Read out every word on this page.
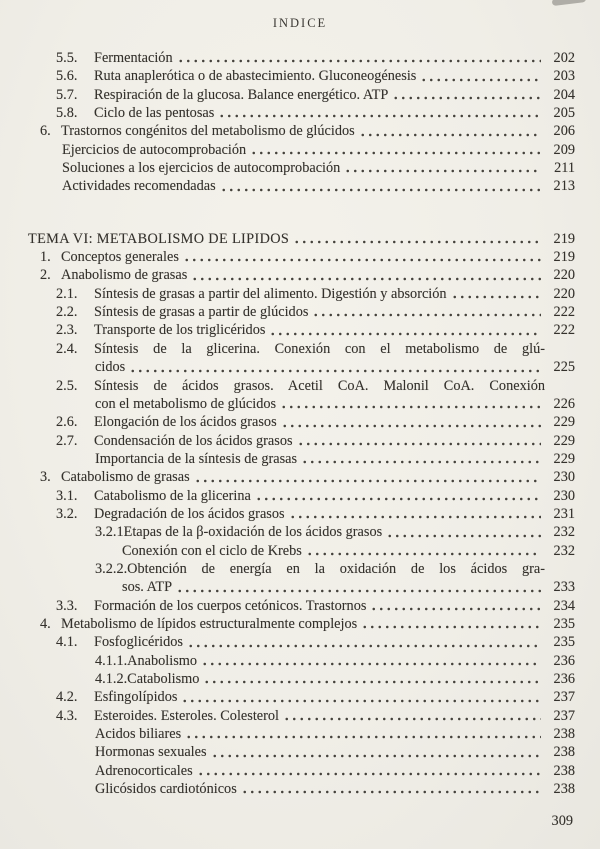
INDICE
5.5.	Fermentación	202
5.6.	Ruta anaplerótica o de abastecimiento. Gluconeogénesis	203
5.7.	Respiración de la glucosa. Balance energético. ATP	204
5.8.	Ciclo de las pentosas	205
6. Trastornos congénitos del metabolismo de glúcidos	206
Ejercicios de autocomprobación	209
Soluciones a los ejercicios de autocomprobación	211
Actividades recomendadas	213
TEMA VI: METABOLISMO DE LIPIDOS	219
1. Conceptos generales	219
2. Anabolismo de grasas	220
2.1.	Síntesis de grasas a partir del alimento. Digestión y absorción	220
2.2.	Síntesis de grasas a partir de glúcidos	222
2.3.	Transporte de los triglicéridos	222
2.4.	Síntesis de la glicerina. Conexión con el metabolismo de glú-
cidos	225
2.5.	Síntesis de ácidos grasos. Acetil CoA. Malonil CoA. Conexión
con el metabolismo de glúcidos	226
2.6.	Elongación de los ácidos grasos	229
2.7.	Condensación de los ácidos grasos	229
Importancia de la síntesis de grasas	229
3. Catabolismo de grasas	230
3.1.	Catabolismo de la glicerina	230
3.2.	Degradación de los ácidos grasos	231
3.2.1 Etapas de la β-oxidación de los ácidos grasos	232
Conexión con el ciclo de Krebs	232
3.2.2. Obtención de energía en la oxidación de los ácidos gra-
sos. ATP	233
3.3.	Formación de los cuerpos cetónicos. Trastornos	234
4. Metabolismo de lípidos estructuralmente complejos	235
4.1.	Fosfoglicéridos	235
4.1.1. Anabolismo	236
4.1.2. Catabolismo	236
4.2.	Esfingolípidos	237
4.3.	Esteroides. Esteroles. Colesterol	237
Acidos biliares	238
Hormonas sexuales	238
Adrenocorticales	238
Glicósidos cardiotónicos	238
309
